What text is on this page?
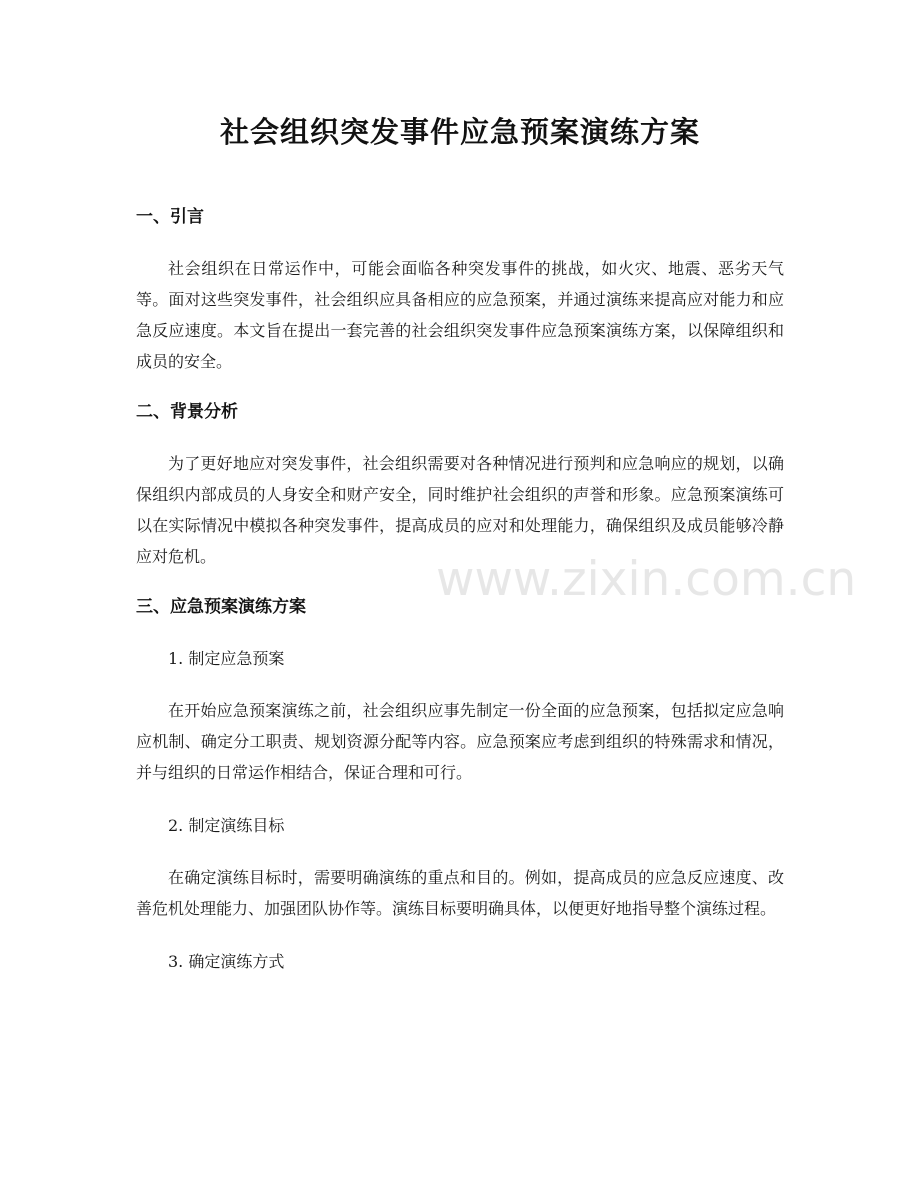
社会组织突发事件应急预案演练方案
一、引言

社会组织在日常运作中，可能会面临各种突发事件的挑战，如火灾、地震、恶劣天气等。面对这些突发事件，社会组织应具备相应的应急预案，并通过演练来提高应对能力和应急反应速度。本文旨在提出一套完善的社会组织突发事件应急预案演练方案，以保障组织和成员的安全。

二、背景分析

为了更好地应对突发事件，社会组织需要对各种情况进行预判和应急响应的规划，以确保组织内部成员的人身安全和财产安全，同时维护社会组织的声誉和形象。应急预案演练可以在实际情况中模拟各种突发事件，提高成员的应对和处理能力，确保组织及成员能够冷静应对危机。

三、应急预案演练方案

1. 制定应急预案

在开始应急预案演练之前，社会组织应事先制定一份全面的应急预案，包括拟定应急响应机制、确定分工职责、规划资源分配等内容。应急预案应考虑到组织的特殊需求和情况，并与组织的日常运作相结合，保证合理和可行。

2. 制定演练目标

在确定演练目标时，需要明确演练的重点和目的。例如，提高成员的应急反应速度、改善危机处理能力、加强团队协作等。演练目标要明确具体，以便更好地指导整个演练过程。

3. 确定演练方式

www.zixin.com.cn
